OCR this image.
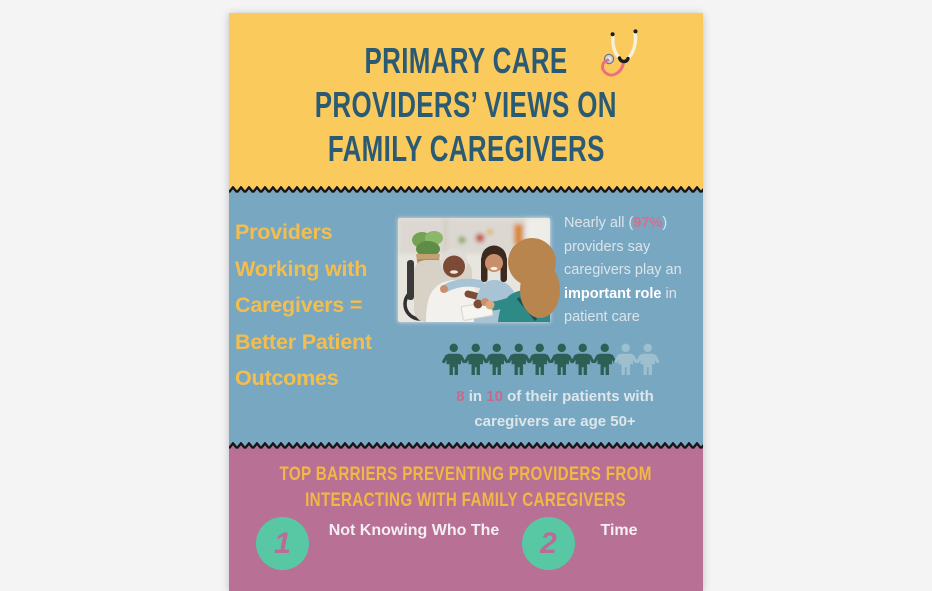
PRIMARY CARE
PROVIDERS’ VIEWS ON
FAMILY CAREGIVERS
Providers
Working with
Caregivers =
Better Patient
Outcomes
Nearly all (97%) providers say caregivers play an important role in patient care
8 in 10 of their patients with caregivers are age 50+
TOP BARRIERS PREVENTING PROVIDERS FROM
INTERACTING WITH FAMILY CAREGIVERS
1	Not Knowing Who The 2	Time
